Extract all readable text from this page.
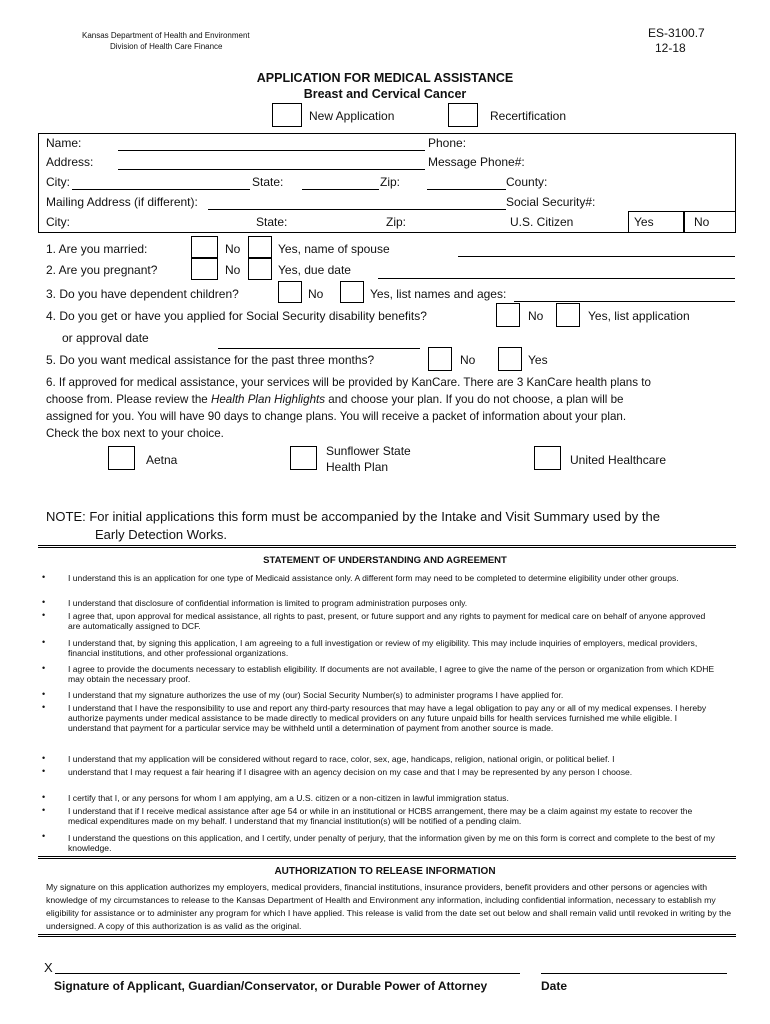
Kansas Department of Health and Environment
Division of Health Care Finance
ES-3100.7
12-18
APPLICATION FOR MEDICAL ASSISTANCE
Breast and Cervical Cancer
New Application	Recertification
Name:	Phone:
Address:	Message Phone#:
City:	State:	Zip:	County:
Mailing Address (if different):	Social Security#:
City:	State:	Zip:	U.S. Citizen	Yes	No
1. Are you married:	No	Yes, name of spouse
2. Are you pregnant?	No	Yes, due date
3. Do you have dependent children?	No	Yes, list names and ages:
4. Do you get or have you applied for Social Security disability benefits?	No	Yes, list application
or approval date
5. Do you want medical assistance for the past three months?	No	Yes
6. If approved for medical assistance, your services will be provided by KanCare. There are 3 KanCare health plans to
choose from. Please review the Health Plan Highlights and choose your plan. If you do not choose, a plan will be
assigned for you. You will have 90 days to change plans. You will receive a packet of information about your plan.
Check the box next to your choice.
Aetna
Sunflower State
Health Plan	United Healthcare
NOTE: For initial applications this form must be accompanied by the Intake and Visit Summary used by the
Early Detection Works.
STATEMENT OF UNDERSTANDING AND AGREEMENT
•	I understand this is an application for one type of Medicaid assistance only. A different form may need to be completed to determine eligibility under other groups.
•	I understand that disclosure of confidential information is limited to program administration purposes only.
•	I agree that, upon approval for medical assistance, all rights to past, present, or future support and any rights to payment for medical care on behalf of anyone approved are automatically assigned to DCF.
•	I understand that, by signing this application, I am agreeing to a full investigation or review of my eligibility. This may include inquiries of employers, medical providers, financial institutions, and other professional organizations.
•	I agree to provide the documents necessary to establish eligibility. If documents are not available, I agree to give the name of the person or organization from which KDHE may obtain the necessary proof.
•	I understand that my signature authorizes the use of my (our) Social Security Number(s) to administer programs I have applied for.
•	I understand that I have the responsibility to use and report any third-party resources that may have a legal obligation to pay any or all of my medical expenses. I hereby authorize payments under medical assistance to be made directly to medical providers on any future unpaid bills for health services furnished me while eligible. I understand that payment for a particular service may be withheld until a determination of payment from another source is made.
•	I understand that my application will be considered without regard to race, color, sex, age, handicaps, religion, national origin, or political belief. I
•	understand that I may request a fair hearing if I disagree with an agency decision on my case and that I may be represented by any person I choose.
•	I certify that I, or any persons for whom I am applying, am a U.S. citizen or a non-citizen in lawful immigration status.
•	I understand that if I receive medical assistance after age 54 or while in an institutional or HCBS arrangement, there may be a claim against my estate to recover the medical expenditures made on my behalf. I understand that my financial institution(s) will be notified of a pending claim.
•	I understand the questions on this application, and I certify, under penalty of perjury, that the information given by me on this form is correct and complete to the best of my knowledge.
AUTHORIZATION TO RELEASE INFORMATION
My signature on this application authorizes my employers, medical providers, financial institutions, insurance providers, benefit providers and other persons or agencies with knowledge of my circumstances to release to the Kansas Department of Health and Environment any information, including confidential information, necessary to establish my eligibility for assistance or to administer any program for which I have applied. This release is valid from the date set out below and shall remain valid until revoked in writing by the undersigned. A copy of this authorization is as valid as the original.
X
Signature of Applicant, Guardian/Conservator, or Durable Power of Attorney	Date
